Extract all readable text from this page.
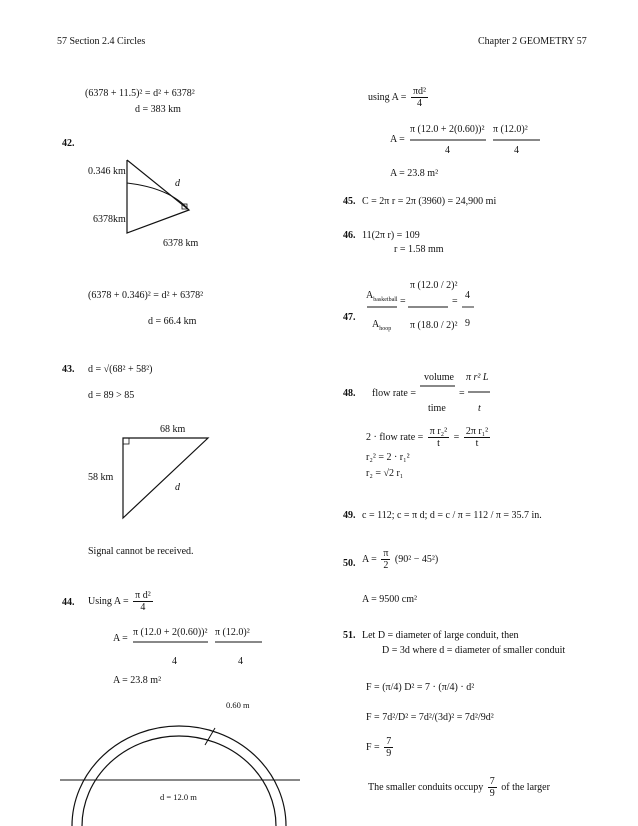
57 Section 2.4 Circles	Chapter 2 GEOMETRY 57
(6378 + 11.5)² = d² + 6378²
d = 383 km
42.
0.346 km
d
6378km
6378 km
(6378 + 0.346)² = d² + 6378²
d = 66.4 km
43. d = √(68² + 58²)
d = 89 > 85
68 km
58 km
d
Signal cannot be received.
44. Using $A = \frac{\text{π d²}}{4}$
A =
π (12.0 + 2(0.60))² π (12.0)²
4	4
A = 23.8 m²
0.60 m
d = 12.0 m
using $A = \frac{\text{πd²}}{4}$
A =
π (12.0 + 2(0.60))² π (12.0)²
4	4
A = 23.8 m²
45. C = 2π r = 2π (3960) = 24,900 mi
46. 11(2π r) = 109
r = 1.58 mm
47.
$A_{basketball}$
$A_{hoop}$
=
π (12.0 / 2)²
π (18.0 / 2)²
=
4
9
48. flow rate =
volume
time
=
π r² L
t
2 · flow rate = $\frac{\text{π r₂²}}{t} = \frac{\text{2π r₁²}}{t}$
r₂² = 2 · r₁²
r₂ = √2 r₁
49. c = 112; c = π d; d = c / π = 112 / π = 35.7 in.
50. $A = \frac{\pi}{2} (90^2 - 45^2)$
A = 9500 cm²
51. Let D = diameter of large conduit, then
D = 3d where d = diameter of smaller conduit
F = (π/4) D² = 7 · (π/4) · d²
F = 7d²/D² = 7d²/(3d)² = 7d²/9d²
$F = \frac{7}{9}$
The smaller conduits occupy $\frac{7}{9}$ of the larger
